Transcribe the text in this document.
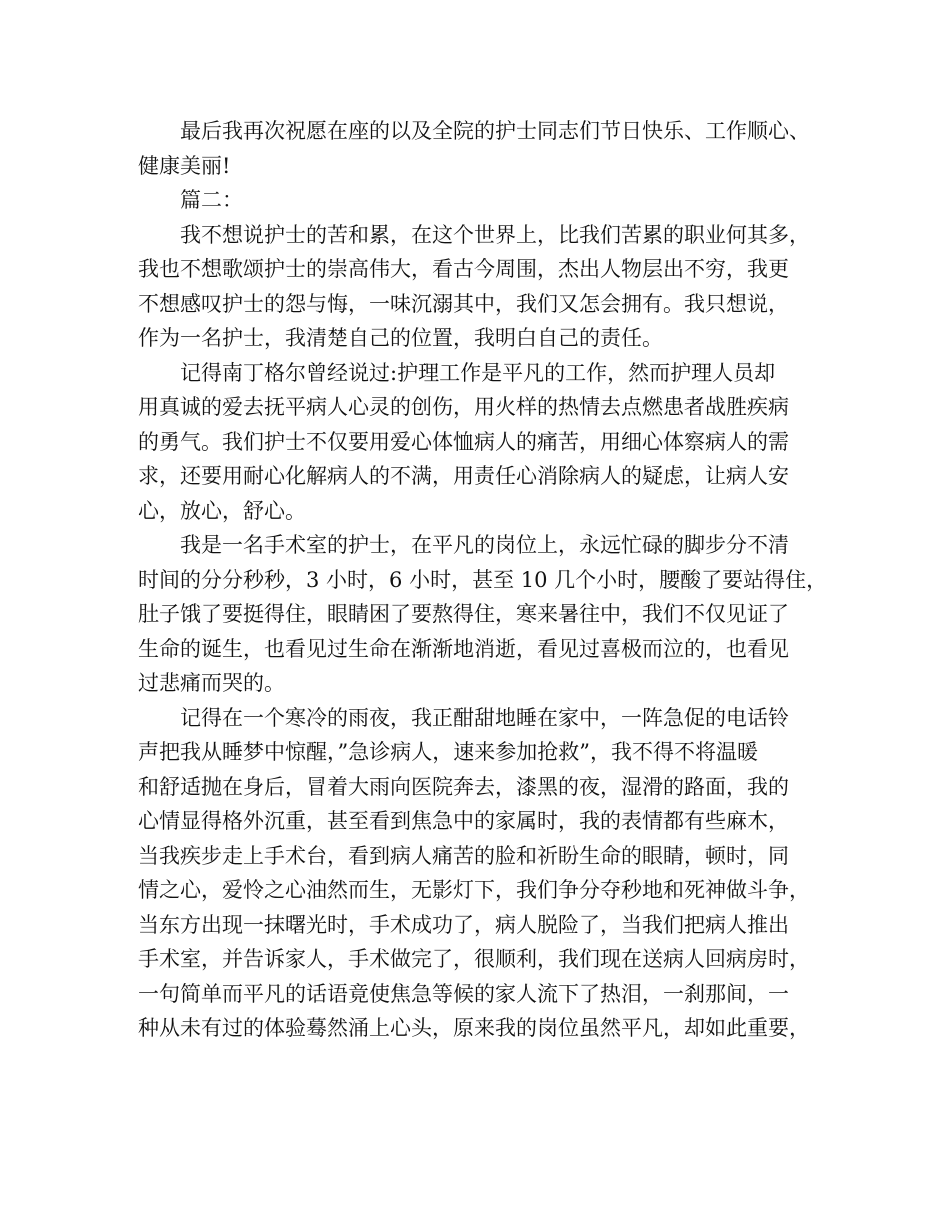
最后我再次祝愿在座的以及全院的护士同志们节日快乐、工作顺心、
健康美丽!
篇二：
我不想说护士的苦和累，在这个世界上，比我们苦累的职业何其多，
我也不想歌颂护士的崇高伟大，看古今周围，杰出人物层出不穷，我更
不想感叹护士的怨与悔，一味沉溺其中，我们又怎会拥有。我只想说，
作为一名护士，我清楚自己的位置，我明白自己的责任。
记得南丁格尔曾经说过:护理工作是平凡的工作，然而护理人员却
用真诚的爱去抚平病人心灵的创伤，用火样的热情去点燃患者战胜疾病
的勇气。我们护士不仅要用爱心体恤病人的痛苦，用细心体察病人的需
求，还要用耐心化解病人的不满，用责任心消除病人的疑虑，让病人安
心，放心，舒心。
我是一名手术室的护士，在平凡的岗位上，永远忙碌的脚步分不清
时间的分分秒秒，3 小时，6 小时，甚至 10 几个小时，腰酸了要站得住，
肚子饿了要挺得住，眼睛困了要熬得住，寒来暑往中，我们不仅见证了
生命的诞生，也看见过生命在渐渐地消逝，看见过喜极而泣的，也看见
过悲痛而哭的。
记得在一个寒冷的雨夜，我正酣甜地睡在家中，一阵急促的电话铃
声把我从睡梦中惊醒，”急诊病人，速来参加抢救”，我不得不将温暖
和舒适抛在身后，冒着大雨向医院奔去，漆黑的夜，湿滑的路面，我的
心情显得格外沉重，甚至看到焦急中的家属时，我的表情都有些麻木，
当我疾步走上手术台，看到病人痛苦的脸和祈盼生命的眼睛，顿时，同
情之心，爱怜之心油然而生，无影灯下，我们争分夺秒地和死神做斗争，
当东方出现一抹曙光时，手术成功了，病人脱险了，当我们把病人推出
手术室，并告诉家人，手术做完了，很顺利，我们现在送病人回病房时，
一句简单而平凡的话语竟使焦急等候的家人流下了热泪，一刹那间，一
种从未有过的体验蓦然涌上心头，原来我的岗位虽然平凡，却如此重要，
